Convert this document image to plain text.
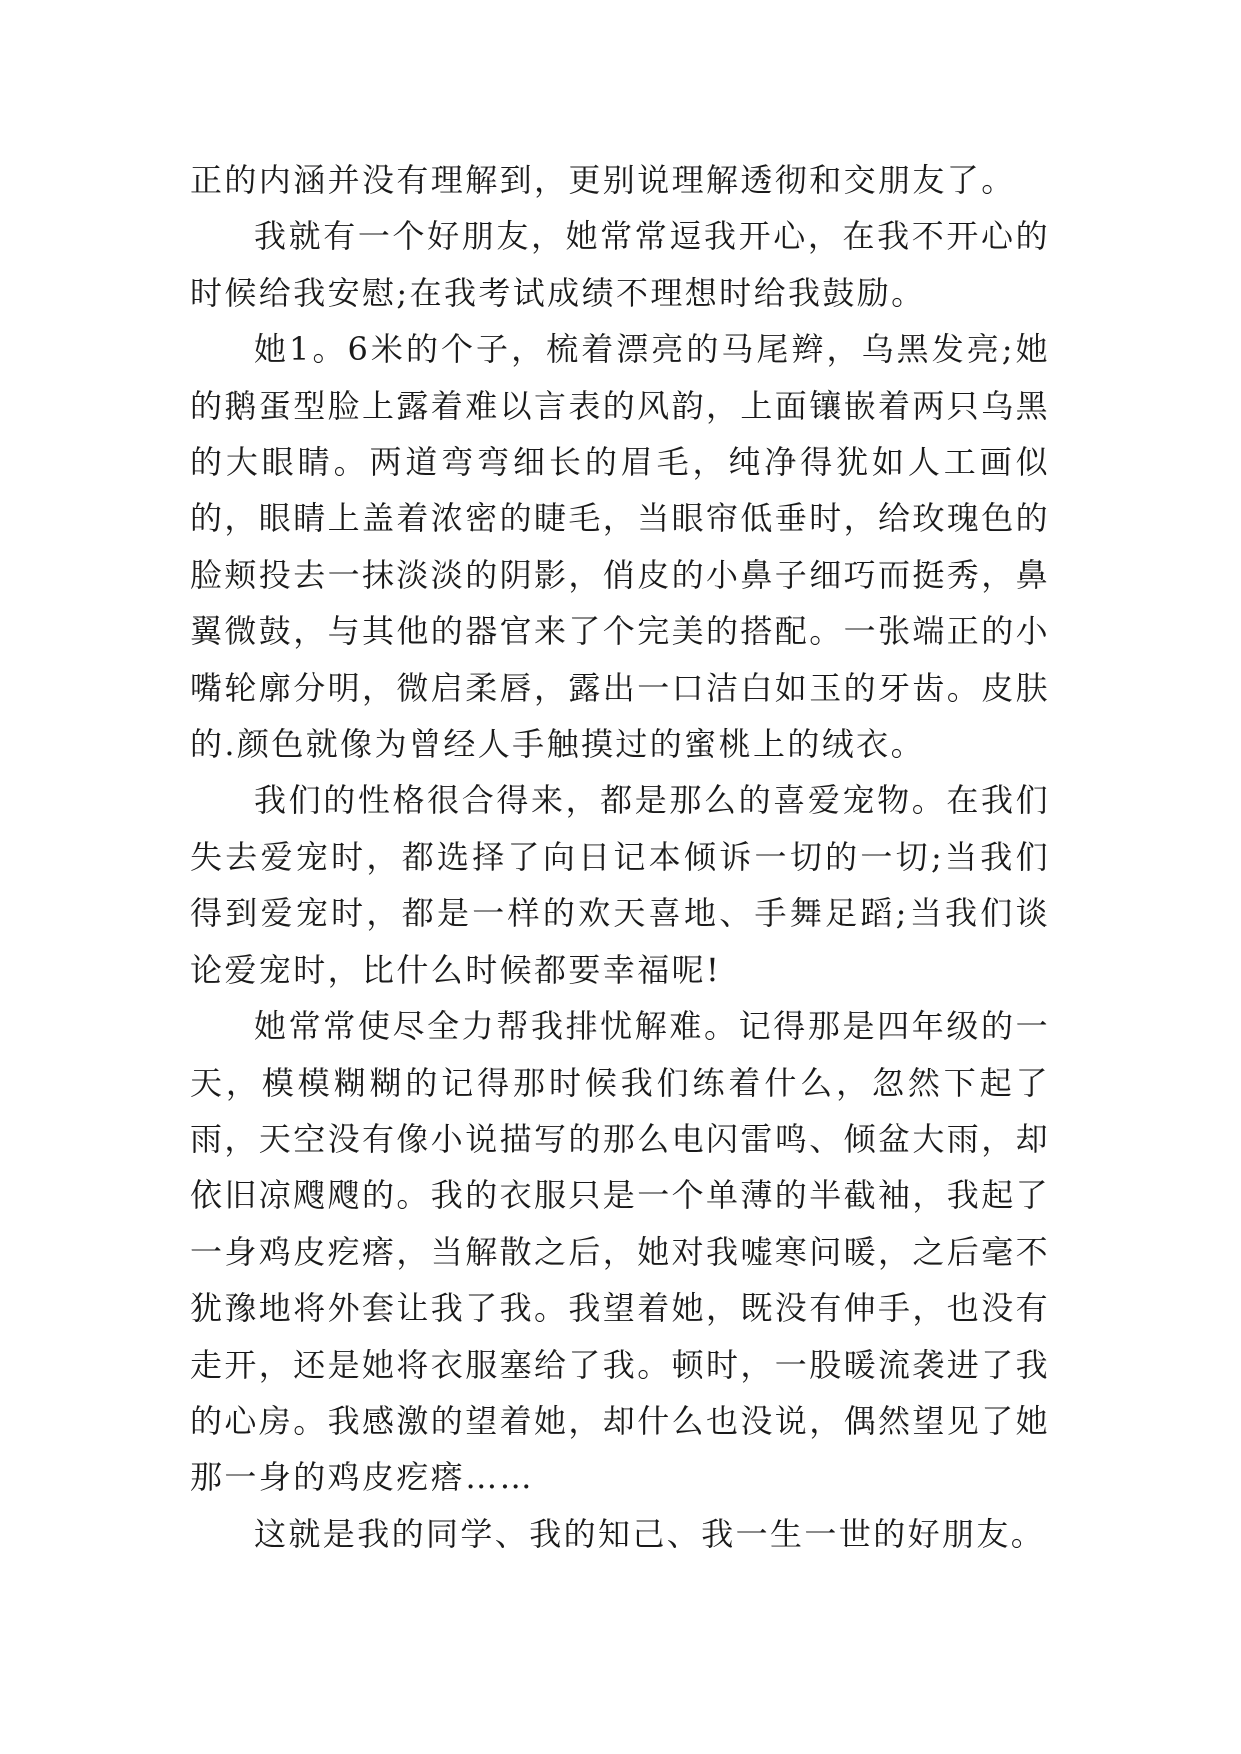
正的内涵并没有理解到，更别说理解透彻和交朋友了。

我就有一个好朋友，她常常逗我开心，在我不开心的时候给我安慰;在我考试成绩不理想时给我鼓励。

她1。6米的个子，梳着漂亮的马尾辫，乌黑发亮;她的鹅蛋型脸上露着难以言表的风韵，上面镶嵌着两只乌黑的大眼睛。两道弯弯细长的眉毛，纯净得犹如人工画似的，眼睛上盖着浓密的睫毛，当眼帘低垂时，给玫瑰色的脸颊投去一抹淡淡的阴影，俏皮的小鼻子细巧而挺秀，鼻翼微鼓，与其他的器官来了个完美的搭配。一张端正的小嘴轮廓分明，微启柔唇，露出一口洁白如玉的牙齿。皮肤的.颜色就像为曾经人手触摸过的蜜桃上的绒衣。

我们的性格很合得来，都是那么的喜爱宠物。在我们失去爱宠时，都选择了向日记本倾诉一切的一切;当我们得到爱宠时，都是一样的欢天喜地、手舞足蹈;当我们谈论爱宠时，比什么时候都要幸福呢!

她常常使尽全力帮我排忧解难。记得那是四年级的一天，模模糊糊的记得那时候我们练着什么，忽然下起了雨，天空没有像小说描写的那么电闪雷鸣、倾盆大雨，却依旧凉飕飕的。我的衣服只是一个单薄的半截袖，我起了一身鸡皮疙瘩，当解散之后，她对我嘘寒问暖，之后毫不犹豫地将外套让我了我。我望着她，既没有伸手，也没有走开，还是她将衣服塞给了我。顿时，一股暖流袭进了我的心房。我感激的望着她，却什么也没说，偶然望见了她那一身的鸡皮疙瘩……

这就是我的同学、我的知己、我一生一世的好朋友。
